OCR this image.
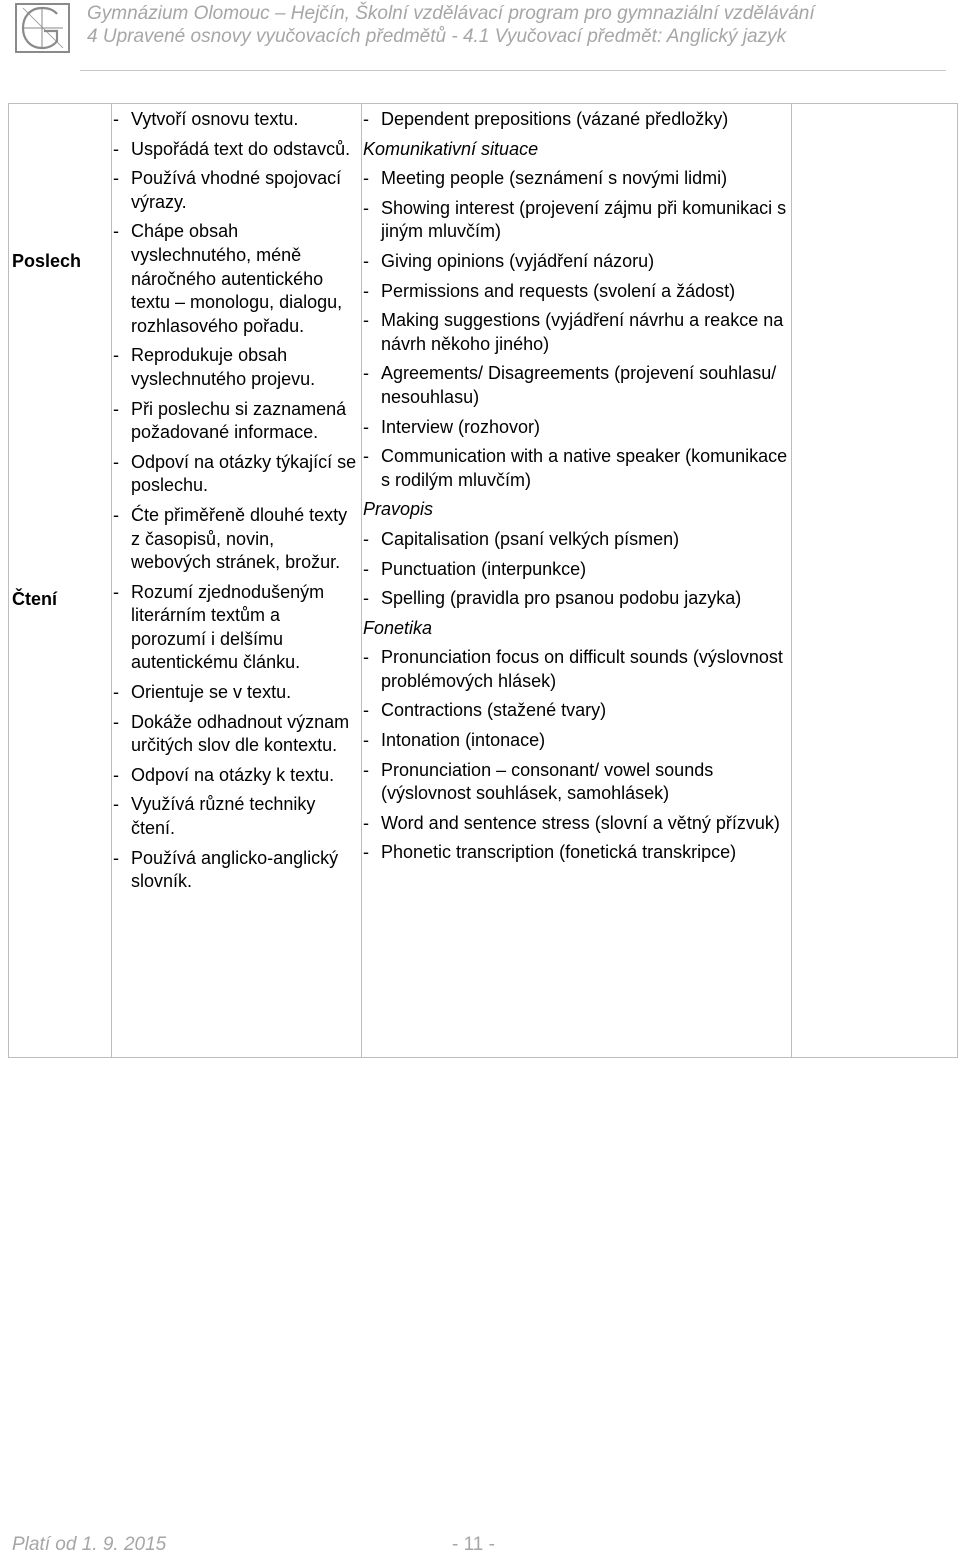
Gymnázium Olomouc – Hejčín, Školní vzdělávací program pro gymnaziální vzdělávání
4 Upravené osnovy vyučovacích předmětů - 4.1 Vyučovací předmět: Anglický jazyk
Poslech
Čtení
- Vytvoří osnovu textu.
- Uspořádá text do odstavců.
- Používá vhodné spojovací výrazy.
- Chápe obsah vyslechnutého, méně náročného autentického textu – monologu, dialogu, rozhlasového pořadu.
- Reprodukuje obsah vyslechnutého projevu.
- Při poslechu si zaznamená požadované informace.
- Odpoví na otázky týkající se poslechu.
- Ćte přiměřeně dlouhé texty z časopisů, novin, webových stránek, brožur.
- Rozumí zjednodušeným literárním textům a porozumí i delšímu autentickému článku.
- Orientuje se v textu.
- Dokáže odhadnout význam určitých slov dle kontextu.
- Odpoví na otázky k textu.
- Využívá různé techniky čtení.
- Používá anglicko-anglický slovník.
- Dependent prepositions (vázané předložky)
Komunikativní situace
- Meeting people (seznámení s novými lidmi)
- Showing interest (projevení zájmu při komunikaci s jiným mluvčím)
- Giving opinions (vyjádření názoru)
- Permissions and requests (svolení a žádost)
- Making suggestions (vyjádření návrhu a reakce na návrh někoho jiného)
- Agreements/ Disagreements (projevení souhlasu/ nesouhlasu)
- Interview (rozhovor)
- Communication with a native speaker (komunikace s rodilým mluvčím)
Pravopis
- Capitalisation (psaní velkých písmen)
- Punctuation (interpunkce)
- Spelling (pravidla pro psanou podobu jazyka)
Fonetika
- Pronunciation focus on difficult sounds (výslovnost problémových hlásek)
- Contractions (stažené tvary)
- Intonation (intonace)
- Pronunciation – consonant/ vowel sounds (výslovnost souhlásek, samohlásek)
- Word and sentence stress (slovní a větný přízvuk)
- Phonetic transcription (fonetická transkripce)
Platí od 1. 9. 2015	- 11 -
